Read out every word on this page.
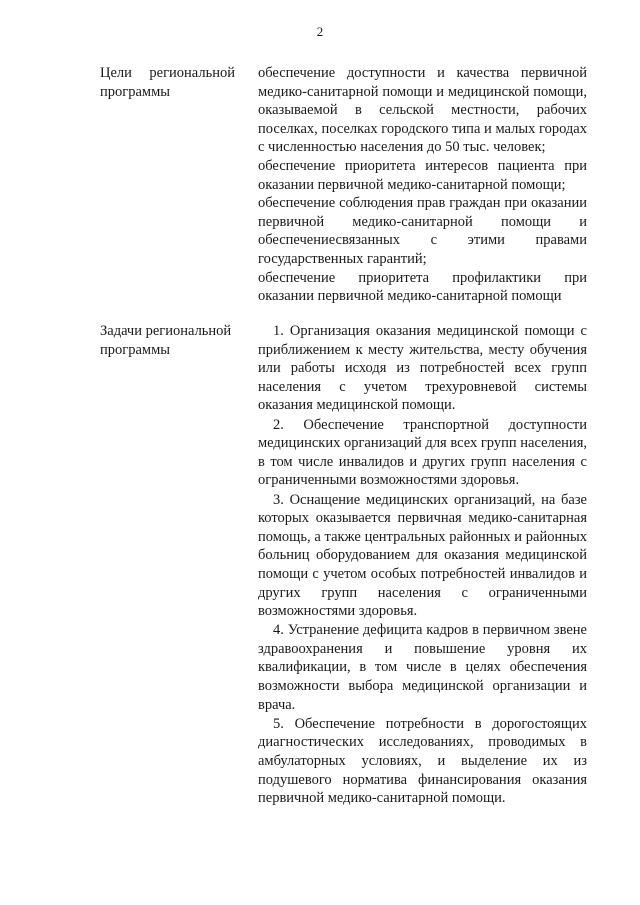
2
Цели региональной программы

обеспечение доступности и качества первичной медико-санитарной помощи и медицинской помощи, оказываемой в сельской местности, рабочих поселках, поселках городского типа и малых городах с численностью населения до 50 тыс. человек;

обеспечение приоритета интересов пациента при оказании первичной медико-санитарной помощи;

обеспечение соблюдения прав граждан при оказании первичной медико-санитарной помощи и обеспечениесвязанных с этими правами государственных гарантий;

обеспечение приоритета профилактики при оказании первичной медико-санитарной помощи

Задачи региональной программы

1. Организация оказания медицинской помощи с приближением к месту жительства, месту обучения или работы исходя из потребностей всех групп населения с учетом трехуровневой системы оказания медицинской помощи.

2. Обеспечение транспортной доступности медицинских организаций для всех групп населения, в том числе инвалидов и других групп населения с ограниченными возможностями здоровья.

3. Оснащение медицинских организаций, на базе которых оказывается первичная медико-санитарная помощь, а также центральных районных и районных больниц оборудованием для оказания медицинской помощи с учетом особых потребностей инвалидов и других групп населения с ограниченными возможностями здоровья.

4. Устранение дефицита кадров в первичном звене здравоохранения и повышение уровня их квалификации, в том числе в целях обеспечения возможности выбора медицинской организации и врача.

5. Обеспечение потребности в дорогостоящих диагностических исследованиях, проводимых в амбулаторных условиях, и выделение их из подушевого норматива финансирования оказания первичной медико-санитарной помощи.
